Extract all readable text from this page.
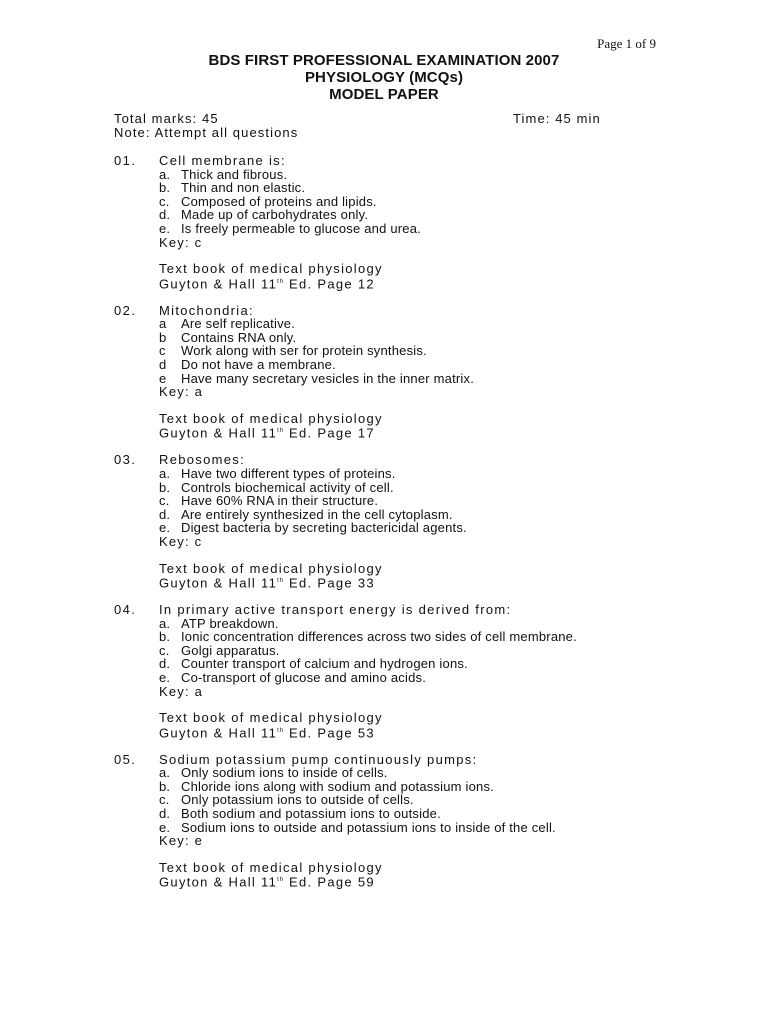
Page 1 of 9
BDS FIRST PROFESSIONAL EXAMINATION 2007
PHYSIOLOGY (MCQs)
MODEL PAPER
Total marks: 45	Time: 45 min
Note: Attempt all questions
01. Cell membrane is:
a. Thick and fibrous.
b. Thin and non elastic.
c. Composed of proteins and lipids.
d. Made up of carbohydrates only.
e. Is freely permeable to glucose and urea.
Key: c
Text book of medical physiology
Guyton & Hall 11th Ed. Page 12
02. Mitochondria:
a Are self replicative.
b Contains RNA only.
c Work along with ser for protein synthesis.
d Do not have a membrane.
e Have many secretary vesicles in the inner matrix.
Key: a
Text book of medical physiology
Guyton & Hall 11th Ed. Page 17
03. Rebosomes:
a. Have two different types of proteins.
b. Controls biochemical activity of cell.
c. Have 60% RNA in their structure.
d. Are entirely synthesized in the cell cytoplasm.
e. Digest bacteria by secreting bactericidal agents.
Key: c
Text book of medical physiology
Guyton & Hall 11th Ed. Page 33
04. In primary active transport energy is derived from:
a. ATP breakdown.
b. Ionic concentration differences across two sides of cell membrane.
c. Golgi apparatus.
d. Counter transport of calcium and hydrogen ions.
e. Co-transport of glucose and amino acids.
Key: a
Text book of medical physiology
Guyton & Hall 11th Ed. Page 53
05. Sodium potassium pump continuously pumps:
a. Only sodium ions to inside of cells.
b. Chloride ions along with sodium and potassium ions.
c. Only potassium ions to outside of cells.
d. Both sodium and potassium ions to outside.
e. Sodium ions to outside and potassium ions to inside of the cell.
Key: e
Text book of medical physiology
Guyton & Hall 11th Ed. Page 59
